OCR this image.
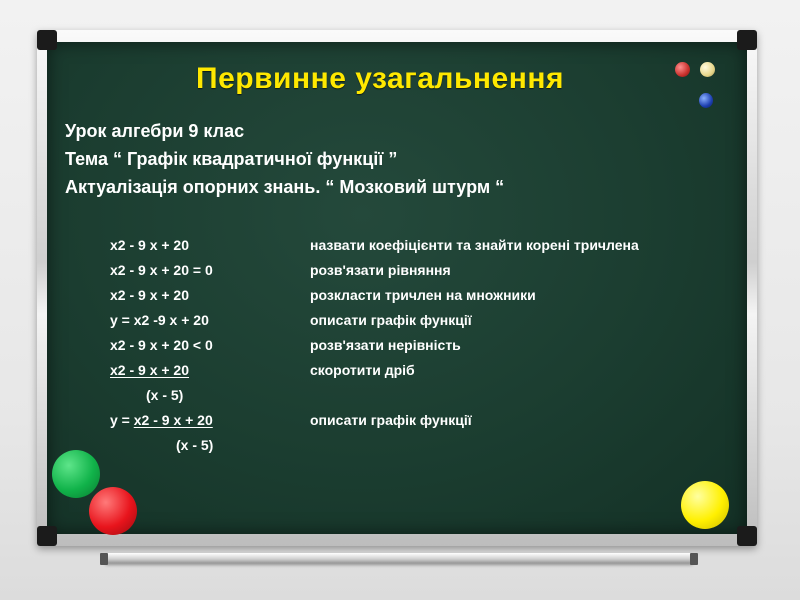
Первинне узагальнення
Урок алгебри 9 клас
Тема “ Графік квадратичної функції ”
Актуалізація опорних знань. “ Мозковий штурм “
x2 - 9 x + 20	назвати коефіцієнти та знайти корені тричлена
x2 - 9 x + 20 = 0	розв'язати рівняння
x2 - 9 x + 20	розкласти тричлен на множники
y = x2 -9 x + 20	описати графік функції
x2 - 9 x + 20 < 0	розв'язати нерівність
x2 - 9 x + 20	скоротити дріб
(x - 5)
y = x2 - 9 x + 20	описати графік функції
(x - 5)
